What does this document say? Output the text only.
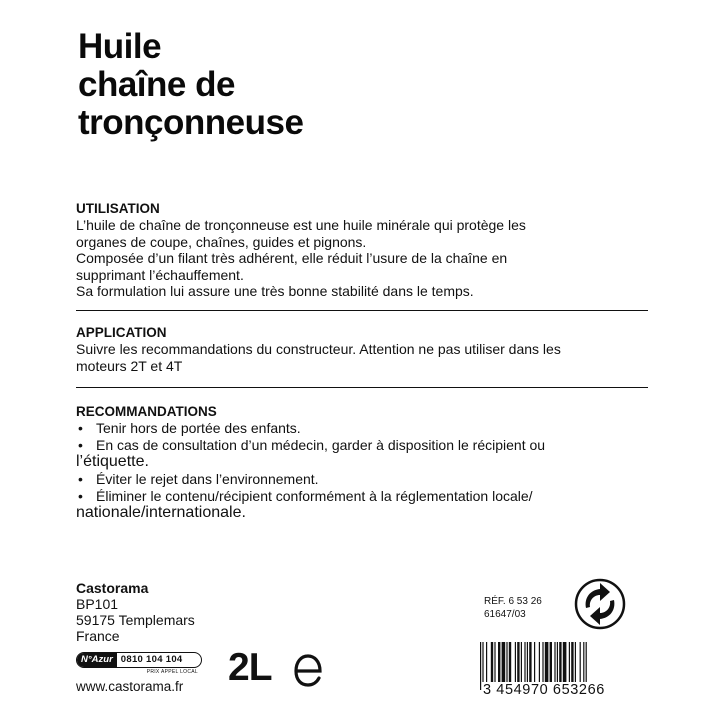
Huile
chaîne de
tronçonneuse
UTILISATION
L’huile de chaîne de tronçonneuse est une huile minérale qui protège les
organes de coupe, chaînes, guides et pignons.
Composée d’un filant très adhérent, elle réduit l’usure de la chaîne en
supprimant l’échauffement.
Sa formulation lui assure une très bonne stabilité dans le temps.
APPLICATION
Suivre les recommandations du constructeur. Attention ne pas utiliser dans les
moteurs 2T et 4T
RECOMMANDATIONS
• Tenir hors de portée des enfants.
• En cas de consultation d’un médecin, garder à disposition le récipient ou
l’étiquette.
• Éviter le rejet dans l’environnement.
• Éliminer le contenu/récipient conformément à la réglementation locale/
nationale/internationale.
Castorama
BP101
59175 Templemars
France
N°Azur 0810 104 104
PRIX APPEL LOCAL
www.castorama.fr 2L
RÉF. 6 53 26
61647/03
3 454970 653266
